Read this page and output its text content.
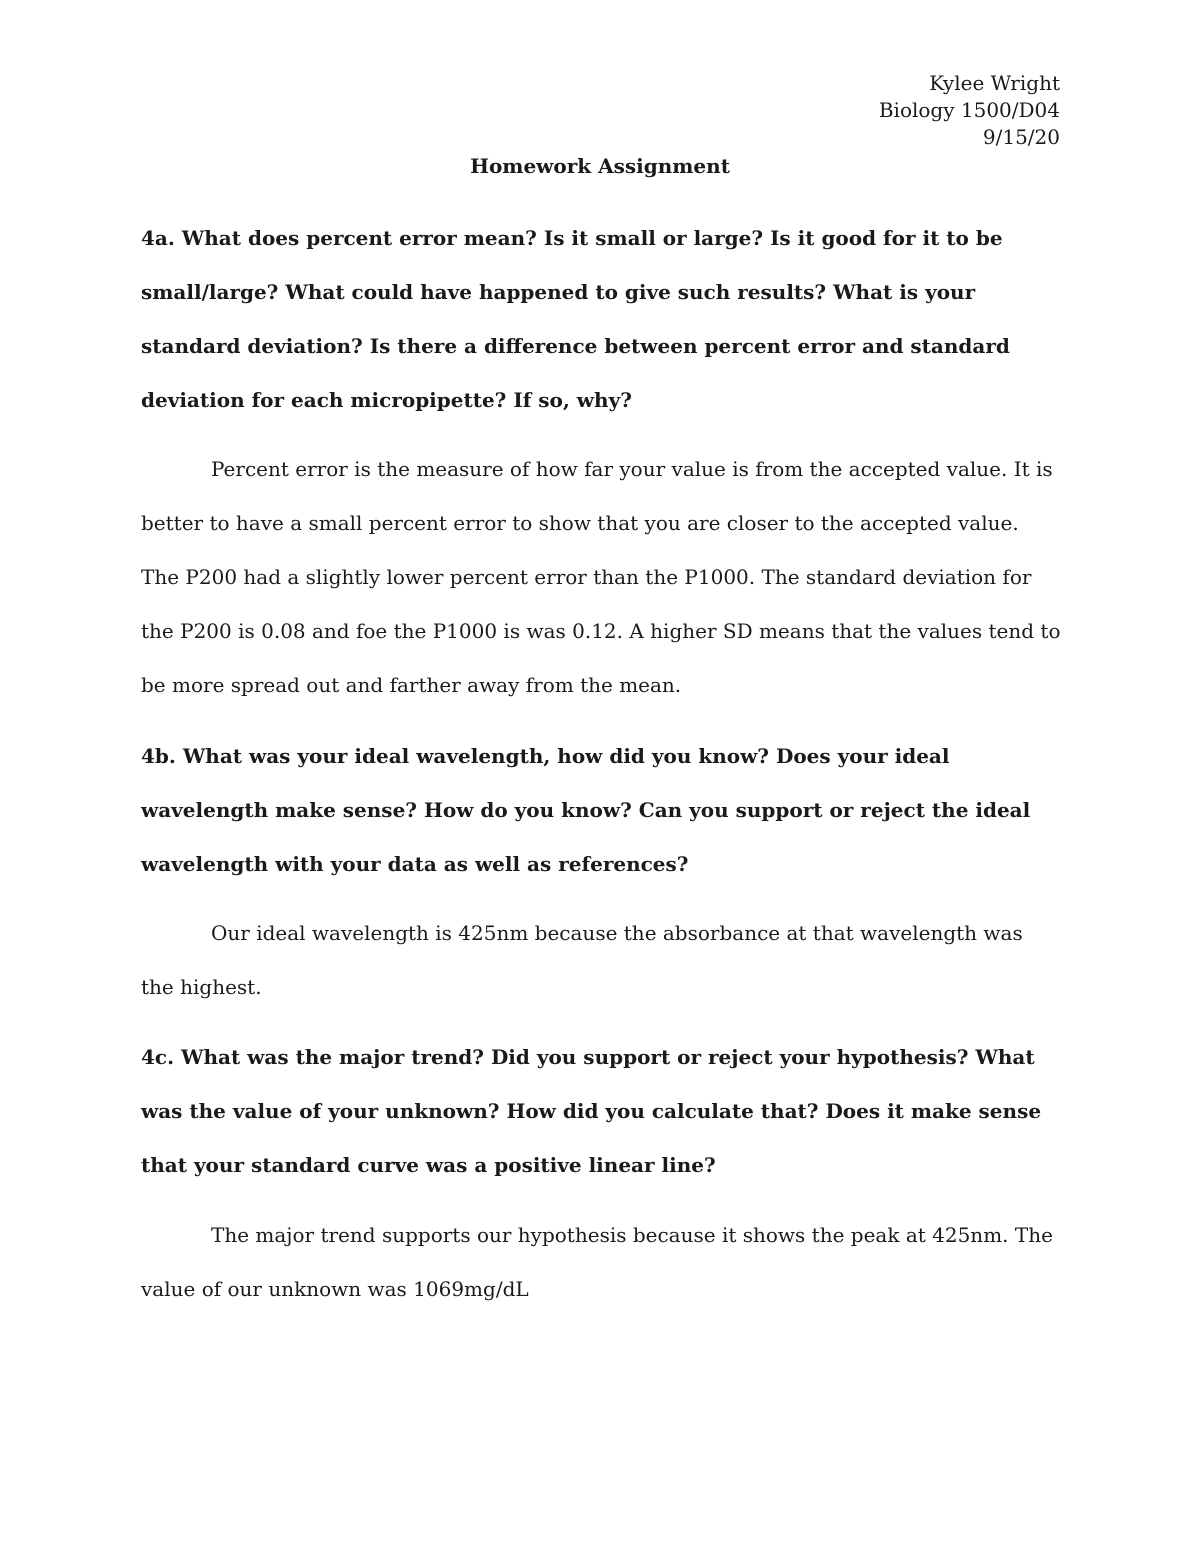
Kylee Wright
Biology 1500/D04
9/15/20
Homework Assignment

4a. What does percent error mean? Is it small or large? Is it good for it to be small/large? What could have happened to give such results? What is your standard deviation? Is there a difference between percent error and standard deviation for each micropipette? If so, why?

Percent error is the measure of how far your value is from the accepted value. It is better to have a small percent error to show that you are closer to the accepted value. The P200 had a slightly lower percent error than the P1000. The standard deviation for the P200 is 0.08 and foe the P1000 is was 0.12. A higher SD means that the values tend to be more spread out and farther away from the mean.

4b. What was your ideal wavelength, how did you know? Does your ideal wavelength make sense? How do you know? Can you support or reject the ideal wavelength with your data as well as references?

Our ideal wavelength is 425nm because the absorbance at that wavelength was the highest.

4c. What was the major trend? Did you support or reject your hypothesis? What was the value of your unknown? How did you calculate that? Does it make sense that your standard curve was a positive linear line?

The major trend supports our hypothesis because it shows the peak at 425nm. The value of our unknown was 1069mg/dL
